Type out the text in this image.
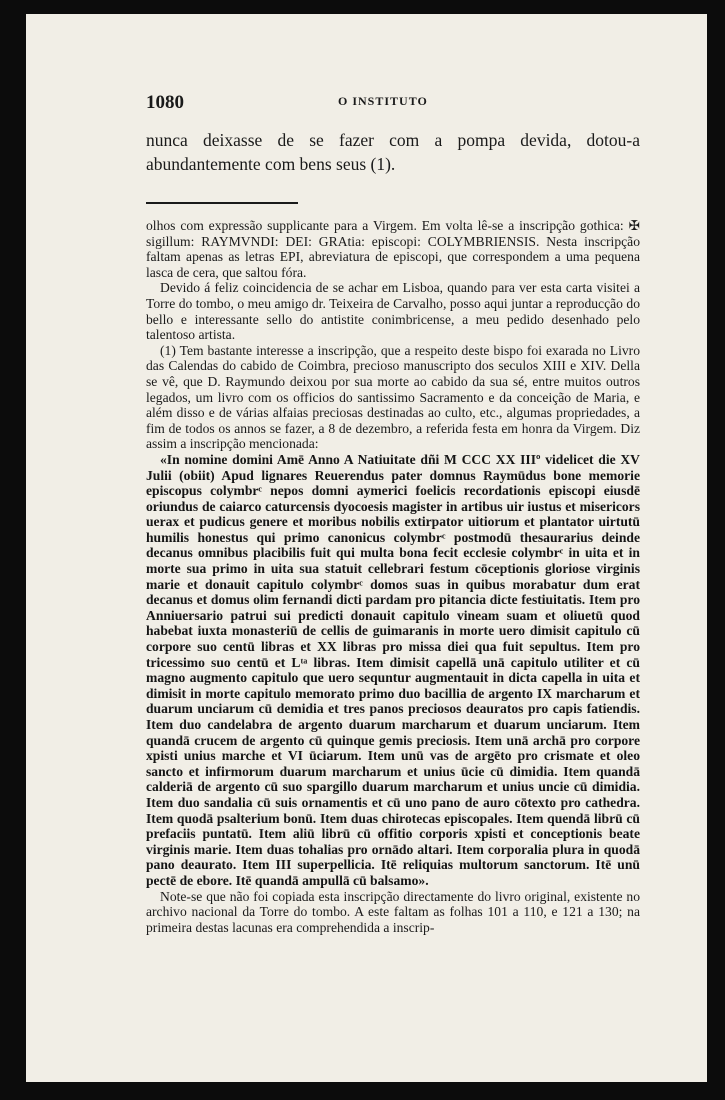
1080	O INSTITUTO
nunca deixasse de se fazer com a pompa devida, dotou-a abundantemente com bens seus (1).

olhos com expressão supplicante para a Virgem. Em volta lê-se a inscripção gothica: ✠ sigillum: RAYMVNDI: DEI: GRAtia: episcopi: COLYMBRIENSIS. Nesta inscripção faltam apenas as letras EPI, abreviatura de episcopi, que correspondem a uma pequena lasca de cera, que saltou fóra.

Devido á feliz coincidencia de se achar em Lisboa, quando para ver esta carta visitei a Torre do tombo, o meu amigo dr. Teixeira de Carvalho, posso aqui juntar a reproducção do bello e interessante sello do antistite conimbricense, a meu pedido desenhado pelo talentoso artista.

(1) Tem bastante interesse a inscripção, que a respeito deste bispo foi exarada no Livro das Calendas do cabido de Coimbra, precioso manuscripto dos seculos XIII e XIV. Della se vê, que D. Raymundo deixou por sua morte ao cabido da sua sé, entre muitos outros legados, um livro com os officios do santissimo Sacramento e da conceição de Maria, e além disso e de várias alfaias preciosas destinadas ao culto, etc., algumas propriedades, a fim de todos os annos se fazer, a 8 de dezembro, a referida festa em honra da Virgem. Diz assim a inscripção mencionada:

«In nomine domini Amē Anno A Natiuitate dñi M CCC XX IIIº videlicet die XV Julii (obiit) Apud lignares Reuerendus pater domnus Raymūdus bone memorie episcopus colymbrᶜ nepos domni aymerici foelicis recordationis episcopi eiusdē oriundus de caiarco caturcensis dyocoesis magister in artibus uir iustus et misericors uerax et pudicus genere et moribus nobilis extirpator uitiorum et plantator uirtutū humilis honestus qui primo canonicus colymbrᶜ postmodū thesaurarius deinde decanus omnibus placibilis fuit qui multa bona fecit ecclesie colymbrᶜ in uita et in morte sua primo in uita sua statuit cellebrari festum cōceptionis gloriose virginis marie et donauit capitulo colymbrᶜ domos suas in quibus morabatur dum erat decanus et domus olim fernandi dicti pardam pro pitancia dicte festiuitatis. Item pro Anniuersario patrui sui predicti donauit capitulo vineam suam et oliuetū quod habebat iuxta monasteriū de cellis de guimaranis in morte uero dimisit capitulo cū corpore suo centū libras et XX libras pro missa diei qua fuit sepultus. Item pro tricessimo suo centū et Lᵗᵃ libras. Item dimisit capellā unā capitulo utiliter et cū magno augmento capitulo que uero sequntur augmentauit in dicta capella in uita et dimisit in morte capitulo memorato primo duo bacillia de argento IX marcharum et duarum unciarum cū demidia et tres panos preciosos deauratos pro capis fatiendis. Item duo candelabra de argento duarum marcharum et duarum unciarum. Item quandā crucem de argento cū quinque gemis preciosis. Item unā archā pro corpore xpisti unius marche et VI ūciarum. Item unū vas de argēto pro crismate et oleo sancto et infirmorum duarum marcharum et unius ūcie cū dimidia. Item quandā calderiā de argento cū suo spargillo duarum marcharum et unius uncie cū dimidia. Item duo sandalia cū suis ornamentis et cū uno pano de auro cōtexto pro cathedra. Item quodā psalterium bonū. Item duas chirotecas episcopales. Item quendā librū cū prefaciis puntatū. Item aliū librū cū offitio corporis xpisti et conceptionis beate virginis marie. Item duas tohalias pro ornādo altari. Item corporalia plura in quodā pano deaurato. Item III superpellicia. Itē reliquias multorum sanctorum. Itē unū pectē de ebore. Itē quandā ampullā cū balsamo».

Note-se que não foi copiada esta inscripção directamente do livro original, existente no archivo nacional da Torre do tombo. A este faltam as folhas 101 a 110, e 121 a 130; na primeira destas lacunas era comprehendida a inscrip-
